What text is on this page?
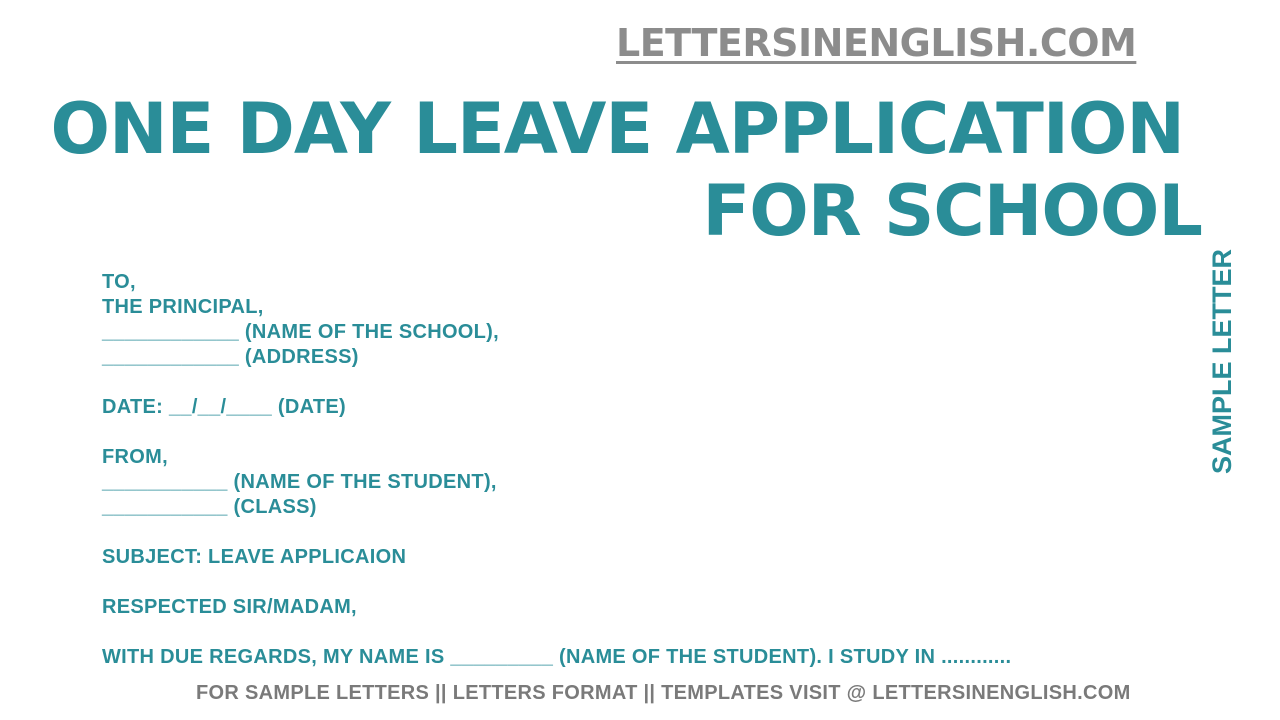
LETTERSINENGLISH.COM
ONE DAY LEAVE APPLICATION
FOR SCHOOL
SAMPLE LETTER
TO,
THE PRINCIPAL,
____________ (NAME OF THE SCHOOL),
____________ (ADDRESS)
DATE: __/__/____ (DATE)
FROM,
___________ (NAME OF THE STUDENT),
___________ (CLASS)
SUBJECT: LEAVE APPLICAION
RESPECTED SIR/MADAM,
WITH DUE REGARDS, MY NAME IS _________ (NAME OF THE STUDENT). I STUDY IN ............
FOR SAMPLE LETTERS || LETTERS FORMAT || TEMPLATES VISIT @ LETTERSINENGLISH.COM
